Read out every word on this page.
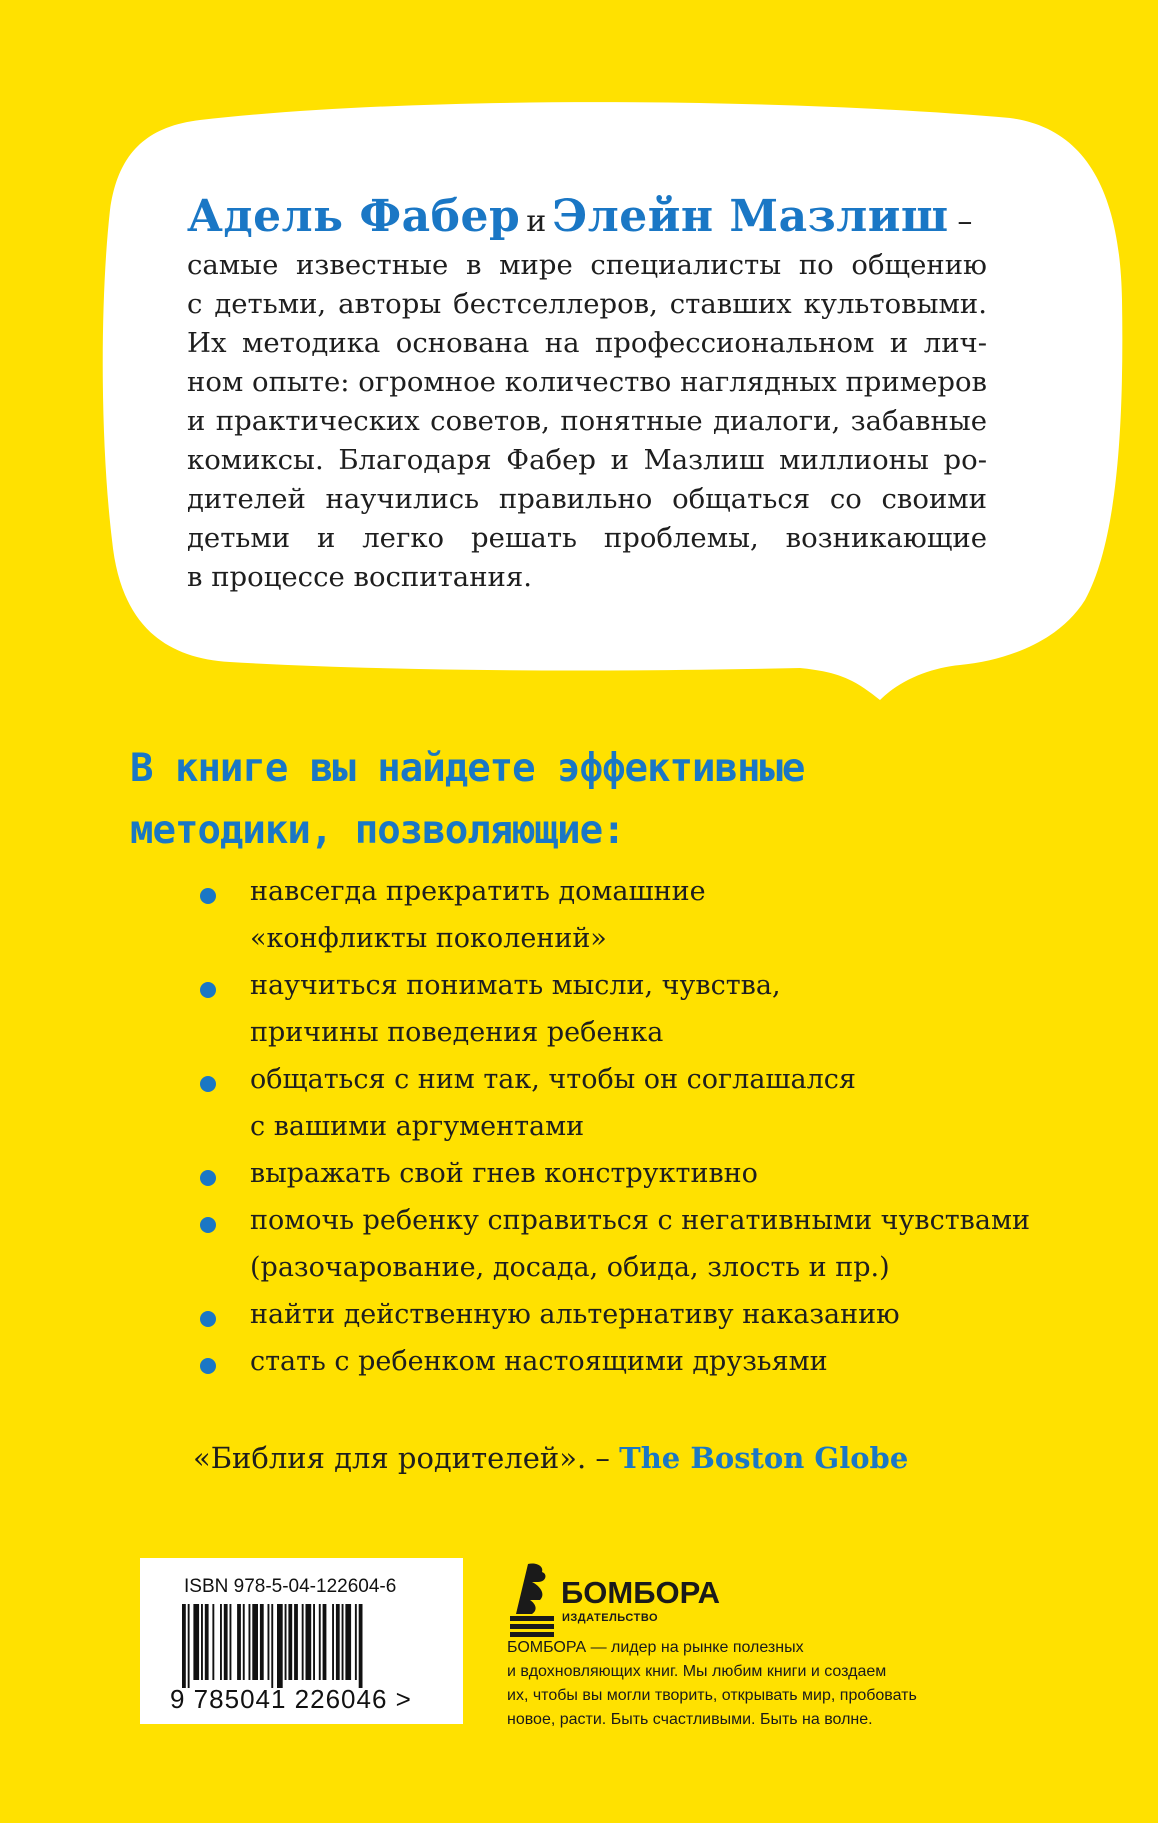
Адель Фабер и Элейн Мазлиш –
самые известные в мире специалисты по общению
с детьми, авторы бестселлеров, ставших культовыми.
Их методика основана на профессиональном и лич-
ном опыте: огромное количество наглядных примеров
и практических советов, понятные диалоги, забавные
комиксы. Благодаря Фабер и Мазлиш миллионы ро-
дителей научились правильно общаться со своими
детьми и легко решать проблемы, возникающие
в процессе воспитания.
В книге вы найдете эффективные
методики, позволяющие:
навсегда прекратить домашние
«конфликты поколений»
научиться понимать мысли, чувства,
причины поведения ребенка
общаться с ним так, чтобы он соглашался
с вашими аргументами
выражать свой гнев конструктивно
помочь ребенку справиться с негативными чувствами
(разочарование, досада, обида, злость и пр.)
найти действенную альтернативу наказанию
стать с ребенком настоящими друзьями
«Библия для родителей». – The Boston Globe
ISBN 978-5-04-122604-6
9 785041 226046 >
БОМБОРА
ИЗДАТЕЛЬСТВО
БОМБОРА — лидер на рынке полезных
и вдохновляющих книг. Мы любим книги и создаем
их, чтобы вы могли творить, открывать мир, пробовать
новое, расти. Быть счастливыми. Быть на волне.
